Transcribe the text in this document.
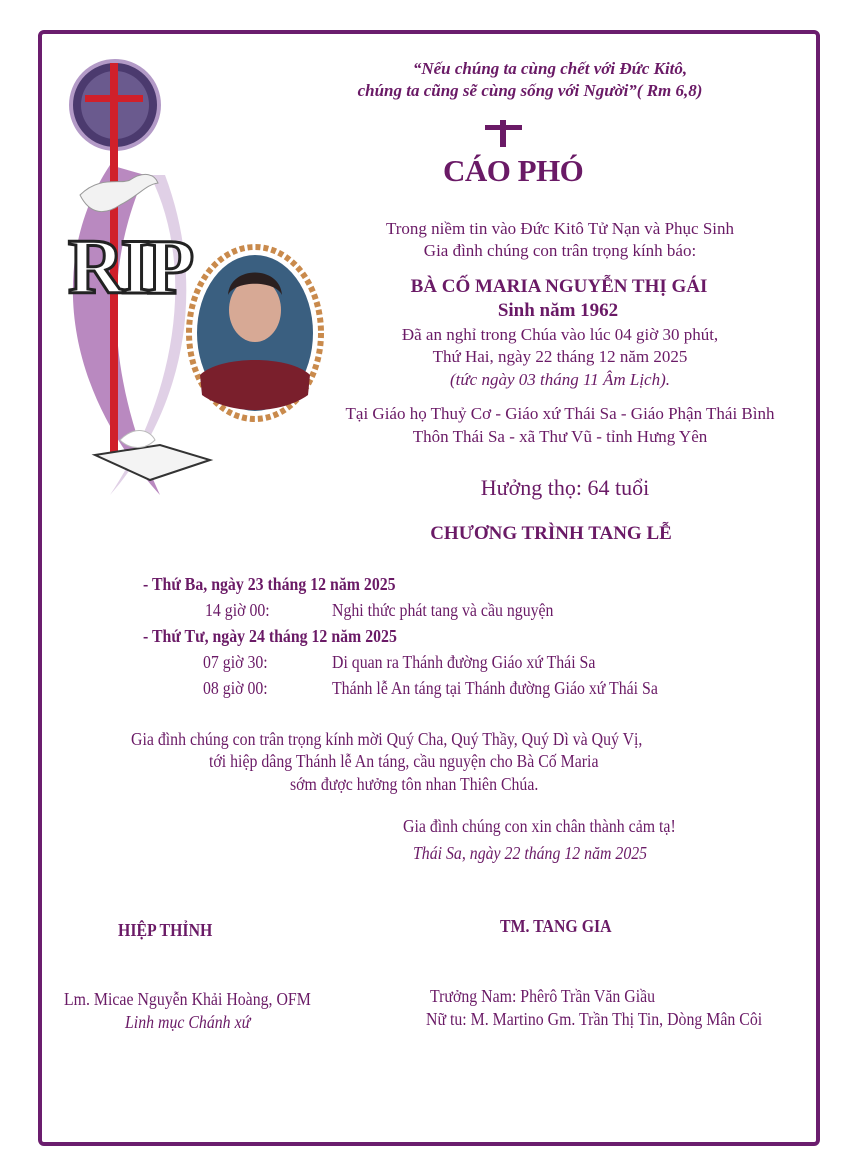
RIP
“Nếu chúng ta cùng chết với Đức Kitô,
chúng ta cũng sẽ cùng sống với Người”( Rm 6,8)
CÁO PHÓ
Trong niềm tin vào Đức Kitô Tử Nạn và Phục Sinh
Gia đình chúng con trân trọng kính báo:
BÀ CỐ MARIA NGUYỄN THỊ GÁI
Sinh năm 1962
Đã an nghỉ trong Chúa vào lúc 04 giờ 30 phút,
Thứ Hai, ngày 22 tháng 12 năm 2025
(tức ngày 03 tháng 11 Âm Lịch).
Tại Giáo họ Thuỷ Cơ - Giáo xứ Thái Sa - Giáo Phận Thái Bình
Thôn Thái Sa - xã Thư Vũ - tỉnh Hưng Yên
Hưởng thọ: 64 tuổi
CHƯƠNG TRÌNH TANG LỄ
- Thứ Ba, ngày 23 tháng 12 năm 2025
14 giờ 00:	Nghi thức phát tang và cầu nguyện
- Thứ Tư, ngày 24 tháng 12 năm 2025
07 giờ 30:	Di quan ra Thánh đường Giáo xứ Thái Sa
08 giờ 00:	Thánh lễ An táng tại Thánh đường Giáo xứ Thái Sa
Gia đình chúng con trân trọng kính mời Quý Cha, Quý Thầy, Quý Dì và Quý Vị,
tới hiệp dâng Thánh lễ An táng, cầu nguyện cho Bà Cố Maria
sớm được hưởng tôn nhan Thiên Chúa.
Gia đình chúng con xin chân thành cảm tạ!
Thái Sa, ngày 22 tháng 12 năm 2025
HIỆP THỈNH
Lm. Micae Nguyễn Khải Hoàng, OFM
Linh mục Chánh xứ
TM. TANG GIA
Trưởng Nam: Phêrô Trần Văn Giầu
Nữ tu: M. Martino Gm. Trần Thị Tin, Dòng Mân Côi
